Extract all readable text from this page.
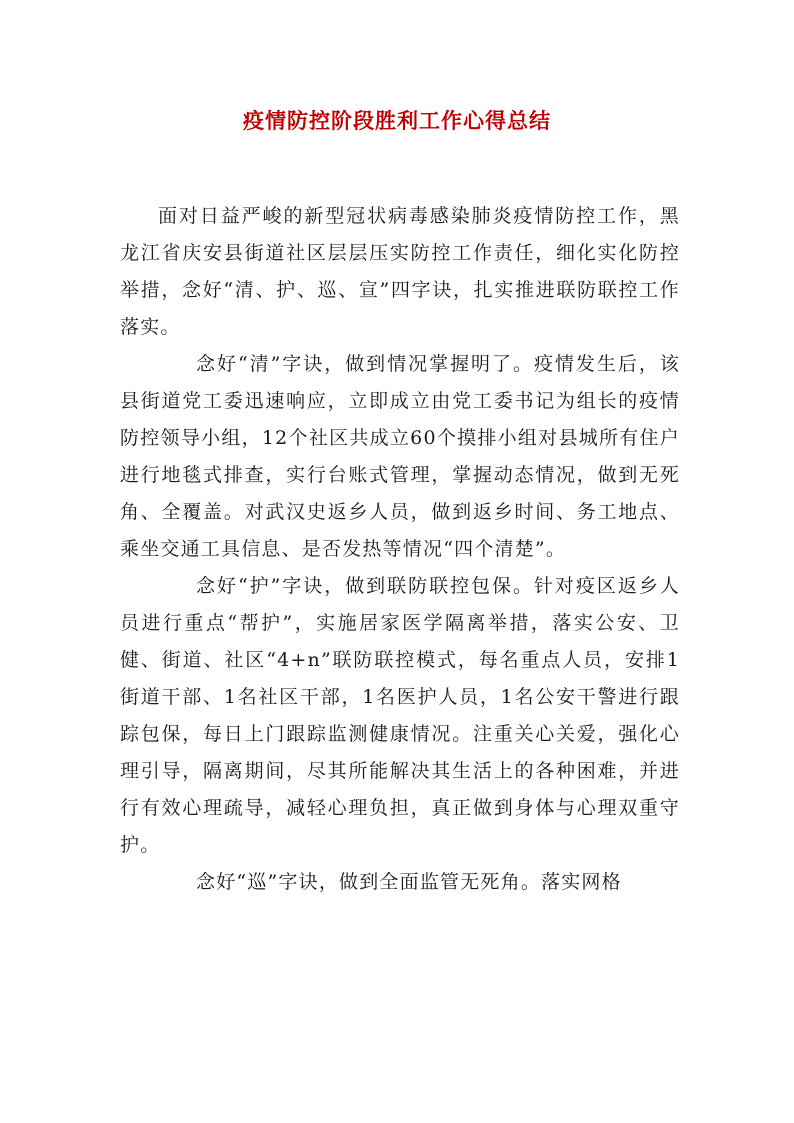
疫情防控阶段胜利工作心得总结

面对日益严峻的新型冠状病毒感染肺炎疫情防控工作，黑龙江省庆安县街道社区层层压实防控工作责任，细化实化防控举措，念好“清、护、巡、宣”四字诀，扎实推进联防联控工作落实。

念好“清”字诀，做到情况掌握明了。疫情发生后，该县街道党工委迅速响应，立即成立由党工委书记为组长的疫情防控领导小组，12个社区共成立60个摸排小组对县城所有住户进行地毯式排查，实行台账式管理，掌握动态情况，做到无死角、全覆盖。对武汉史返乡人员，做到返乡时间、务工地点、乘坐交通工具信息、是否发热等情况“四个清楚”。

念好“护”字诀，做到联防联控包保。针对疫区返乡人员进行重点“帮护”，实施居家医学隔离举措，落实公安、卫健、街道、社区“4+n”联防联控模式，每名重点人员，安排1街道干部、1名社区干部，1名医护人员，1名公安干警进行跟踪包保，每日上门跟踪监测健康情况。注重关心关爱，强化心理引导，隔离期间，尽其所能解决其生活上的各种困难，并进行有效心理疏导，减轻心理负担，真正做到身体与心理双重守护。

念好“巡”字诀，做到全面监管无死角。落实网格
